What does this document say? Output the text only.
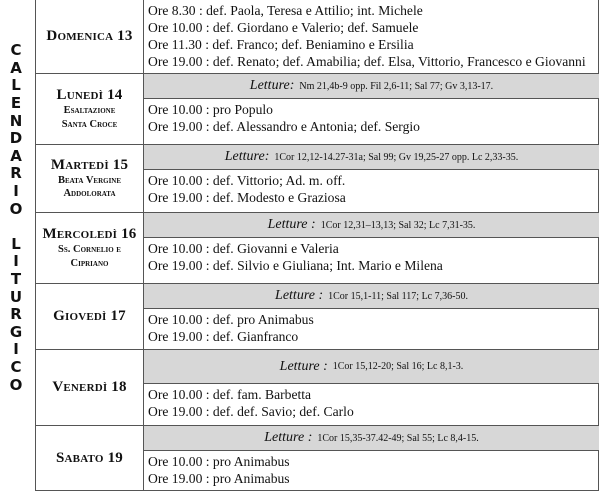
C
A
L
E
N
D
A
R
I
O
L
I
T
U
R
G
I
C
O
Domenica 13
Ore 8.30 : def. Paola, Teresa e Attilio; int. Michele
Ore 10.00 : def. Giordano e Valerio; def. Samuele
Ore 11.30 : def. Franco; def. Beniamino e Ersilia
Ore 19.00 : def. Renato; def. Amabilia; def. Elsa, Vittorio, Francesco e Giovanni
Lunedì 14
Esaltazione
Santa Croce
Letture: Nm 21,4b-9 opp. Fil 2,6-11; Sal 77; Gv 3,13-17.
Ore 10.00 : pro Populo
Ore 19.00 : def. Alessandro e Antonia; def. Sergio
Martedì 15
Beata Vergine
Addolorata
Letture: 1Cor 12,12-14.27-31a; Sal 99; Gv 19,25-27 opp. Lc 2,33-35.
Ore 10.00 : def. Vittorio; Ad. m. off.
Ore 19.00 : def. Modesto e Graziosa
Mercoledì 16
Ss. Cornelio e
Cipriano
Letture : 1Cor 12,31–13,13; Sal 32; Lc 7,31-35.
Ore 10.00 : def. Giovanni e Valeria
Ore 19.00 : def. Silvio e Giuliana; Int. Mario e Milena
Giovedì 17
Letture : 1Cor 15,1-11; Sal 117; Lc 7,36-50.
Ore 10.00 : def. pro Animabus
Ore 19.00 : def. Gianfranco
Venerdì 18
Letture : 1Cor 15,12-20; Sal 16; Lc 8,1-3.
Ore 10.00 : def. fam. Barbetta
Ore 19.00 : def. def. Savio; def. Carlo
Sabato 19
Letture : 1Cor 15,35-37.42-49; Sal 55; Lc 8,4-15.
Ore 10.00 : pro Animabus
Ore 19.00 : pro Animabus
